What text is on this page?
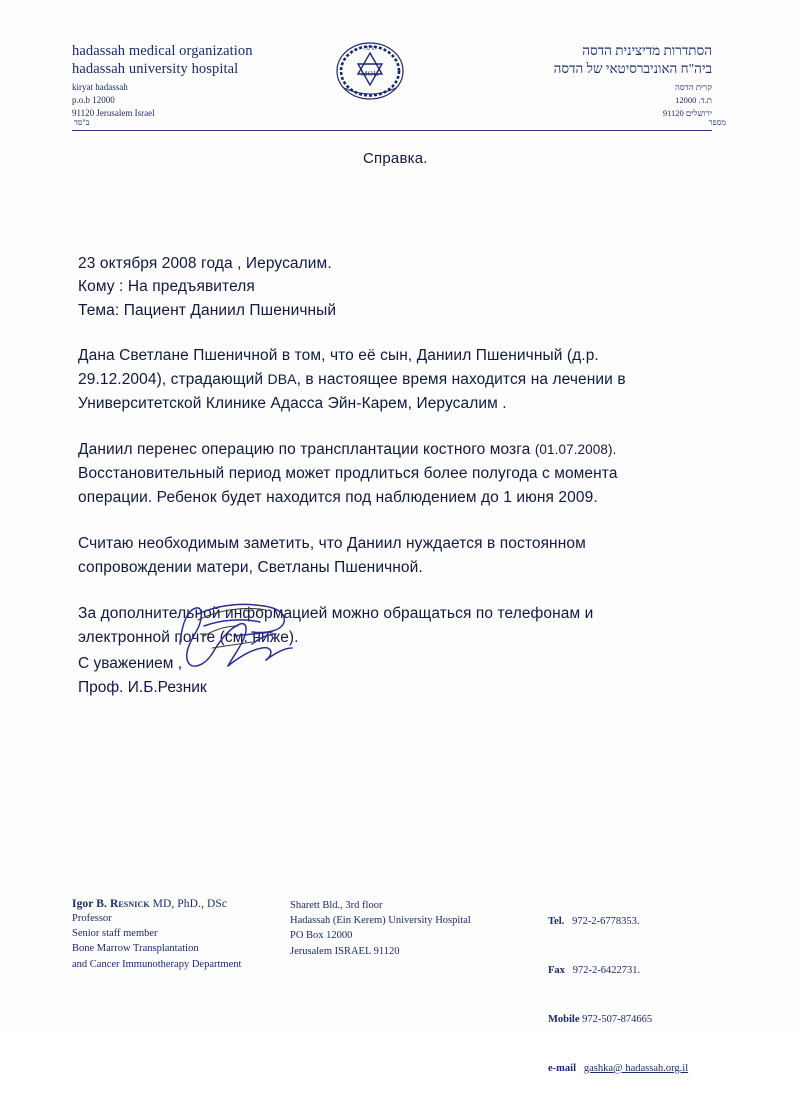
hadassah medical organization
hadassah university hospital
kiryat hadassah
p.o.b 12000
91120 Jerusalem Israel
הסתדרות מדיצינית הדסה
ביה"ח האוניברסיטאי של הדסה
קרית הדסה
ת.ד. 12000
ירושלים 91120
הדסה
MOH
ב"סד	מספר
Справка.
23 октября 2008 года , Иерусалим.
Кому : На предъявителя
Тема: Пациент Даниил Пшеничный
Дана Светлане Пшеничной в том, что её сын, Даниил Пшеничный (д.р.
29.12.2004), страдающий DBA, в настоящее время находится на лечении в
Университетской Клинике Адасса Эйн-Карем, Иерусалим .
Даниил перенес операцию по трансплантации костного мозга (01.07.2008).
Восстановительный период может продлиться более полугода с момента
операции. Ребенок будет находится под наблюдением до 1 июня 2009.
Считаю необходимым заметить, что Даниил нуждается в постоянном
сопровождении матери, Светланы Пшеничной.
За дополнительной информацией можно обращаться по телефонам и
электронной почте (см. ниже).
С уважением ,
Проф. И.Б.Резник
Igor B. Resnick MD, PhD., DSc
Professor
Senior staff member
Bone Marrow Transplantation
and Cancer Immunotherapy Department
Sharett Bld., 3rd floor
Hadassah (Ein Kerem) University Hospital
PO Box 12000
Jerusalem ISRAEL 91120

Tel. 972-2-6778353.

Fax 972-2-6422731.

Mobile 972-507-874665

e-mail gashka@ hadassah.org.il
